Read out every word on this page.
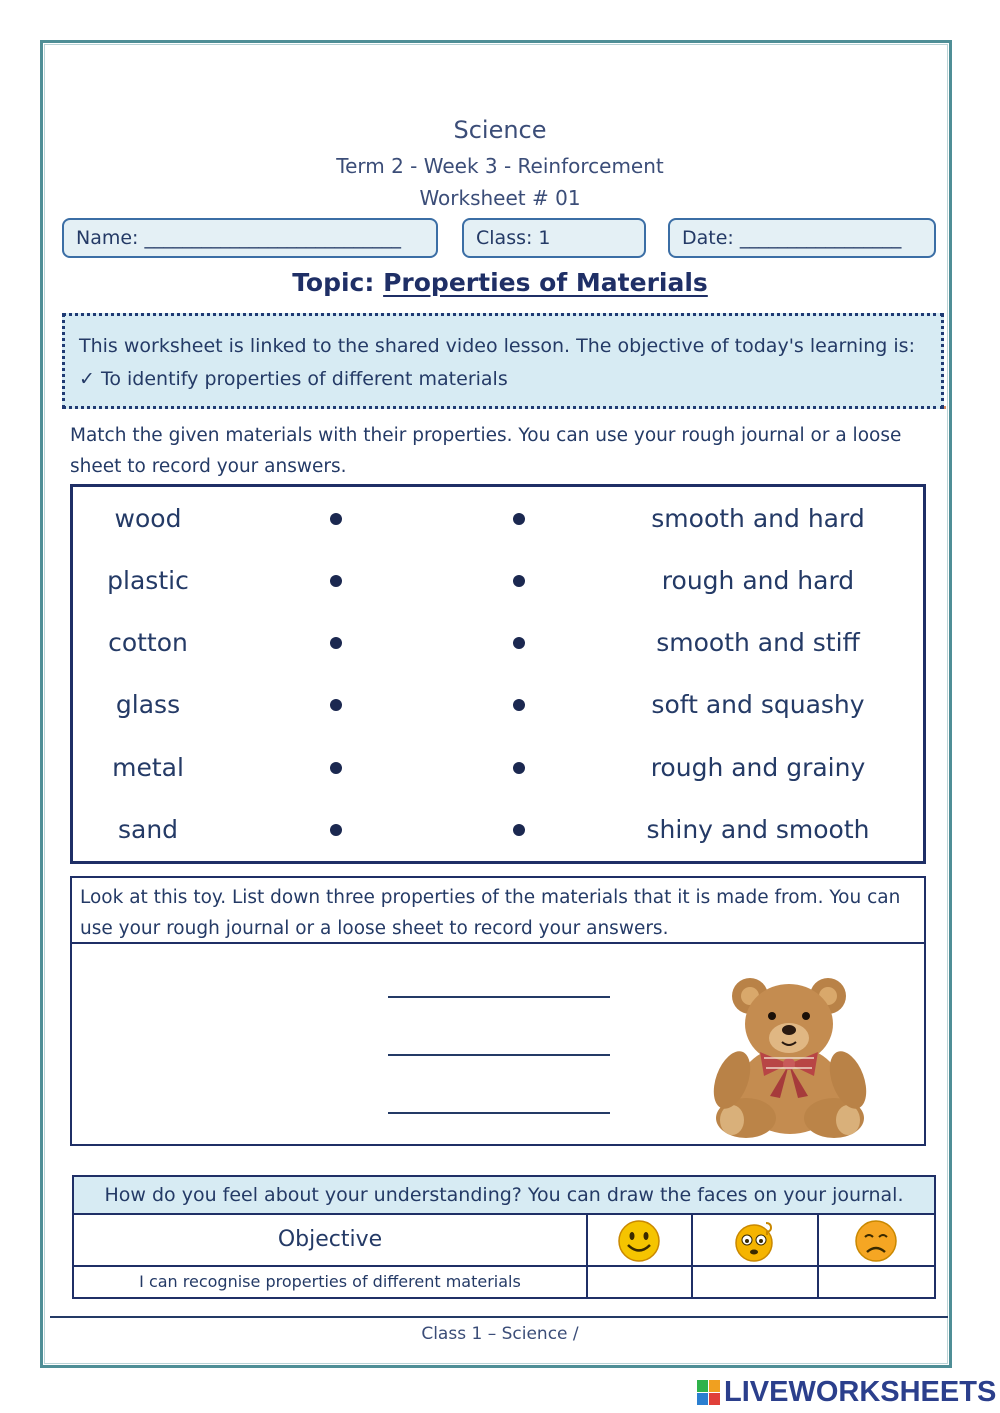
Science
Term 2 - Week 3 - Reinforcement
Worksheet # 01
Name: ___________________________	Class: 1	Date: _________________
Topic: Properties of Materials
This worksheet is linked to the shared video lesson. The objective of today's learning is:
✓ To identify properties of different materials
Match the given materials with their properties. You can use your rough journal or a loose sheet to record your answers.
wood	smooth and hard
plastic	rough and hard
cotton	smooth and stiff
glass	soft and squashy
metal	rough and grainy
sand	shiny and smooth
Look at this toy. List down three properties of the materials that it is made from. You can use your rough journal or a loose sheet to record your answers.
How do you feel about your understanding? You can draw the faces on your journal.
Objective
I can recognise properties of different materials
Class 1 – Science /
LIVEWORKSHEETS
